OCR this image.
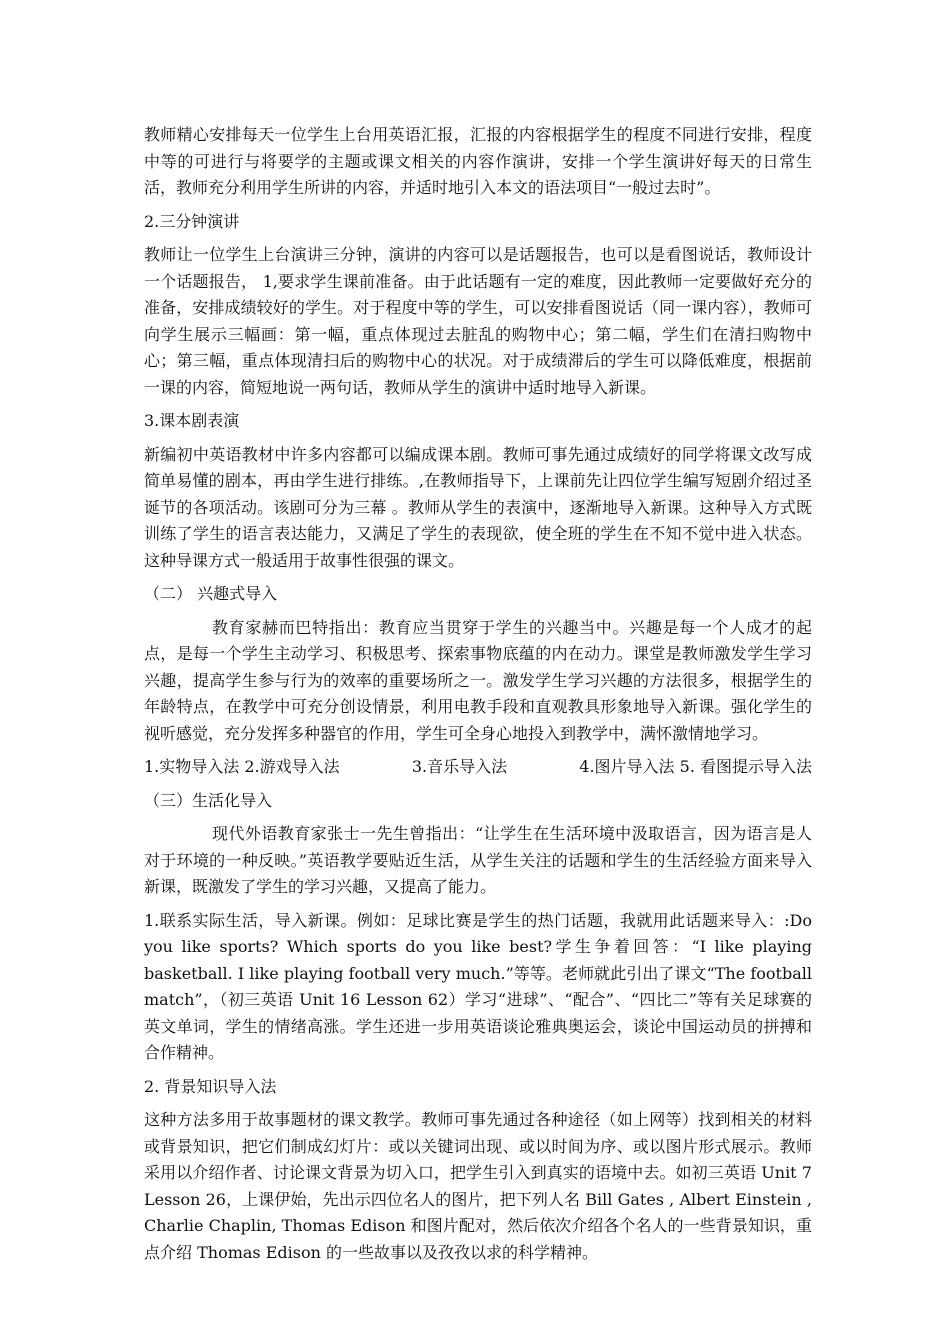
教师精心安排每天一位学生上台用英语汇报，汇报的内容根据学生的程度不同进行安排，程度中等的可进行与将要学的主题或课文相关的内容作演讲，安排一个学生演讲好每天的日常生活，教师充分利用学生所讲的内容，并适时地引入本文的语法项目“一般过去时”。

2.三分钟演讲

教师让一位学生上台演讲三分钟，演讲的内容可以是话题报告，也可以是看图说话，教师设计一个话题报告， 1,要求学生课前准备。由于此话题有一定的难度，因此教师一定要做好充分的准备，安排成绩较好的学生。对于程度中等的学生，可以安排看图说话（同一课内容），教师可向学生展示三幅画：第一幅，重点体现过去脏乱的购物中心；第二幅，学生们在清扫购物中心；第三幅，重点体现清扫后的购物中心的状况。对于成绩滞后的学生可以降低难度，根据前一课的内容，简短地说一两句话，教师从学生的演讲中适时地导入新课。

3.课本剧表演

新编初中英语教材中许多内容都可以编成课本剧。教师可事先通过成绩好的同学将课文改写成简单易懂的剧本，再由学生进行排练。,在教师指导下，上课前先让四位学生编写短剧介绍过圣诞节的各项活动。该剧可分为三幕 。教师从学生的表演中，逐渐地导入新课。这种导入方式既训练了学生的语言表达能力，又满足了学生的表现欲，使全班的学生在不知不觉中进入状态。这种导课方式一般适用于故事性很强的课文。

（二） 兴趣式导入

教育家赫而巴特指出：教育应当贯穿于学生的兴趣当中。兴趣是每一个人成才的起点，是每一个学生主动学习、积极思考、探索事物底蕴的内在动力。课堂是教师激发学生学习兴趣，提高学生参与行为的效率的重要场所之一。激发学生学习兴趣的方法很多，根据学生的年龄特点，在教学中可充分创设情景，利用电教手段和直观教具形象地导入新课。强化学生的视听感觉，充分发挥多种器官的作用，学生可全身心地投入到教学中，满怀激情地学习。

1.实物导入法 2.游戏导入法	3.音乐导入法	4.图片导入法 5. 看图提示导入法

（三）生活化导入

现代外语教育家张士一先生曾指出：“让学生在生活环境中汲取语言，因为语言是人对于环境的一种反映。”英语教学要贴近生活，从学生关注的话题和学生的生活经验方面来导入新课，既激发了学生的学习兴趣，又提高了能力。

1.联系实际生活，导入新课。例如：足球比赛是学生的热门话题，我就用此话题来导入：:Do you like sports? Which sports do you like best?学生争着回答：“I like playing basketball. I like playing football very much.”等等。老师就此引出了课文“The football match”，（初三英语 Unit 16 Lesson 62）学习“进球”、“配合”、“四比二”等有关足球赛的英文单词，学生的情绪高涨。学生还进一步用英语谈论雅典奥运会，谈论中国运动员的拼搏和合作精神。

2. 背景知识导入法

这种方法多用于故事题材的课文教学。教师可事先通过各种途径（如上网等）找到相关的材料或背景知识，把它们制成幻灯片：或以关键词出现、或以时间为序、或以图片形式展示。教师采用以介绍作者、讨论课文背景为切入口，把学生引入到真实的语境中去。如初三英语 Unit 7 Lesson 26，上课伊始，先出示四位名人的图片，把下列人名 Bill Gates , Albert Einstein , Charlie Chaplin, Thomas Edison 和图片配对，然后依次介绍各个名人的一些背景知识，重点介绍 Thomas Edison 的一些故事以及孜孜以求的科学精神。
